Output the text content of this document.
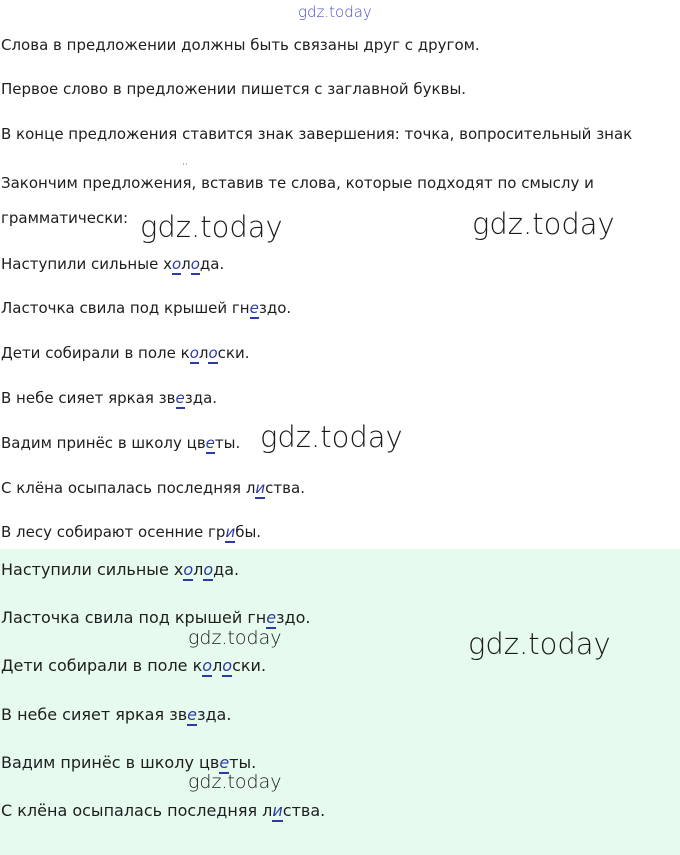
gdz.today
Слова в предложении должны быть связаны друг с другом.
Первое слово в предложении пишется с заглавной буквы.
В конце предложения ставится знак завершения: точка, вопросительный знак
··
Закончим предложения, вставив те слова, которые подходят по смыслу и
грамматически: gdz.today	gdz.today
Наступили сильные холода.
Ласточка свила под крышей гнездо.
Дети собирали в поле колоски.
В небе сияет яркая звезда.
Вадим принёс в школу цветы. gdz.today
С клёна осыпалась последняя листва.
В лесу собирают осенние грибы.
Наступили сильные холода.
Ласточка свила под крышей гнездо.
gdz.today	gdz.today
Дети собирали в поле колоски.
В небе сияет яркая звезда.
Вадим принёс в школу цветы.
gdz.today
С клёна осыпалась последняя листва.
